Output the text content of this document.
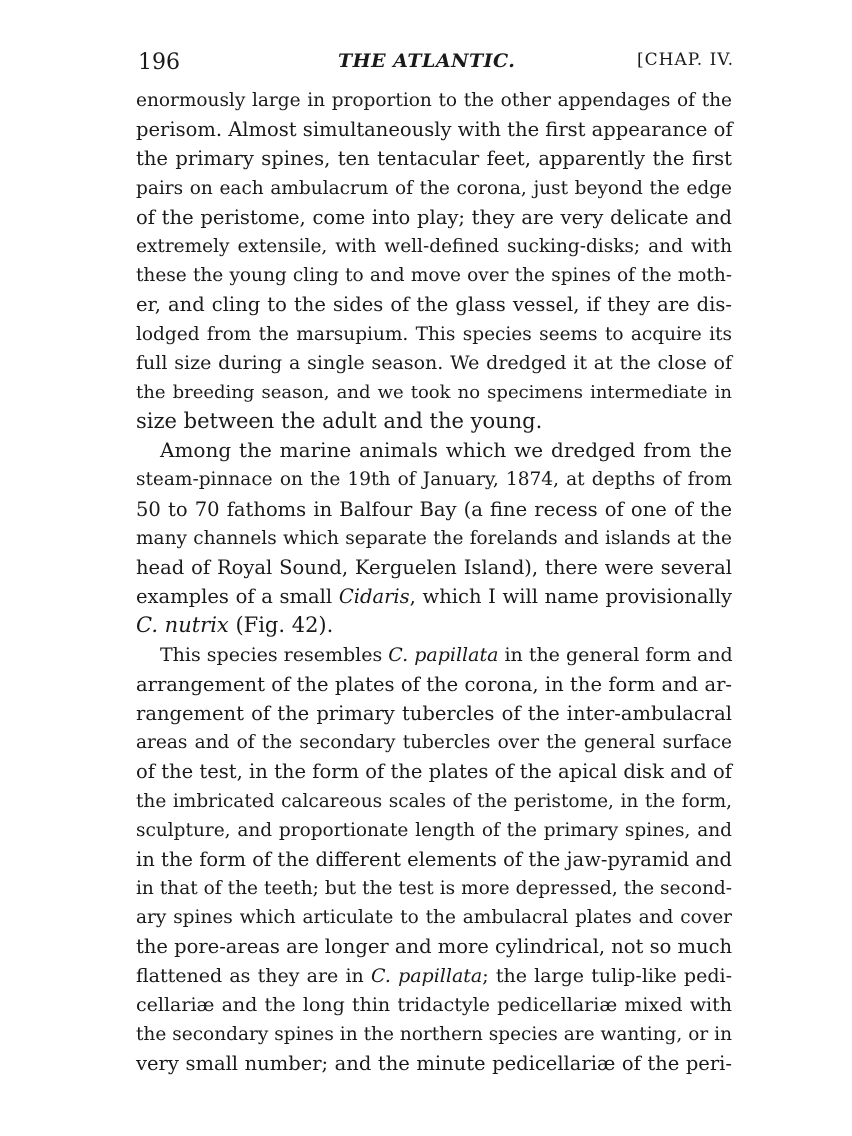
196	THE ATLANTIC.	[CHAP. IV.
enormously large in proportion to the other appendages of the
perisom. Almost simultaneously with the first appearance of
the primary spines, ten tentacular feet, apparently the first
pairs on each ambulacrum of the corona, just beyond the edge
of the peristome, come into play; they are very delicate and
extremely extensile, with well-defined sucking-disks; and with
these the young cling to and move over the spines of the moth-
er, and cling to the sides of the glass vessel, if they are dis-
lodged from the marsupium. This species seems to acquire its
full size during a single season. We dredged it at the close of
the breeding season, and we took no specimens intermediate in
size between the adult and the young.
Among the marine animals which we dredged from the
steam-pinnace on the 19th of January, 1874, at depths of from
50 to 70 fathoms in Balfour Bay (a fine recess of one of the
many channels which separate the forelands and islands at the
head of Royal Sound, Kerguelen Island), there were several
examples of a small Cidaris, which I will name provisionally
C. nutrix (Fig. 42).
This species resembles C. papillata in the general form and
arrangement of the plates of the corona, in the form and ar-
rangement of the primary tubercles of the inter-ambulacral
areas and of the secondary tubercles over the general surface
of the test, in the form of the plates of the apical disk and of
the imbricated calcareous scales of the peristome, in the form,
sculpture, and proportionate length of the primary spines, and
in the form of the different elements of the jaw-pyramid and
in that of the teeth; but the test is more depressed, the second-
ary spines which articulate to the ambulacral plates and cover
the pore-areas are longer and more cylindrical, not so much
flattened as they are in C. papillata; the large tulip-like pedi-
cellariæ and the long thin tridactyle pedicellariæ mixed with
the secondary spines in the northern species are wanting, or in
very small number; and the minute pedicellariæ of the peri-
